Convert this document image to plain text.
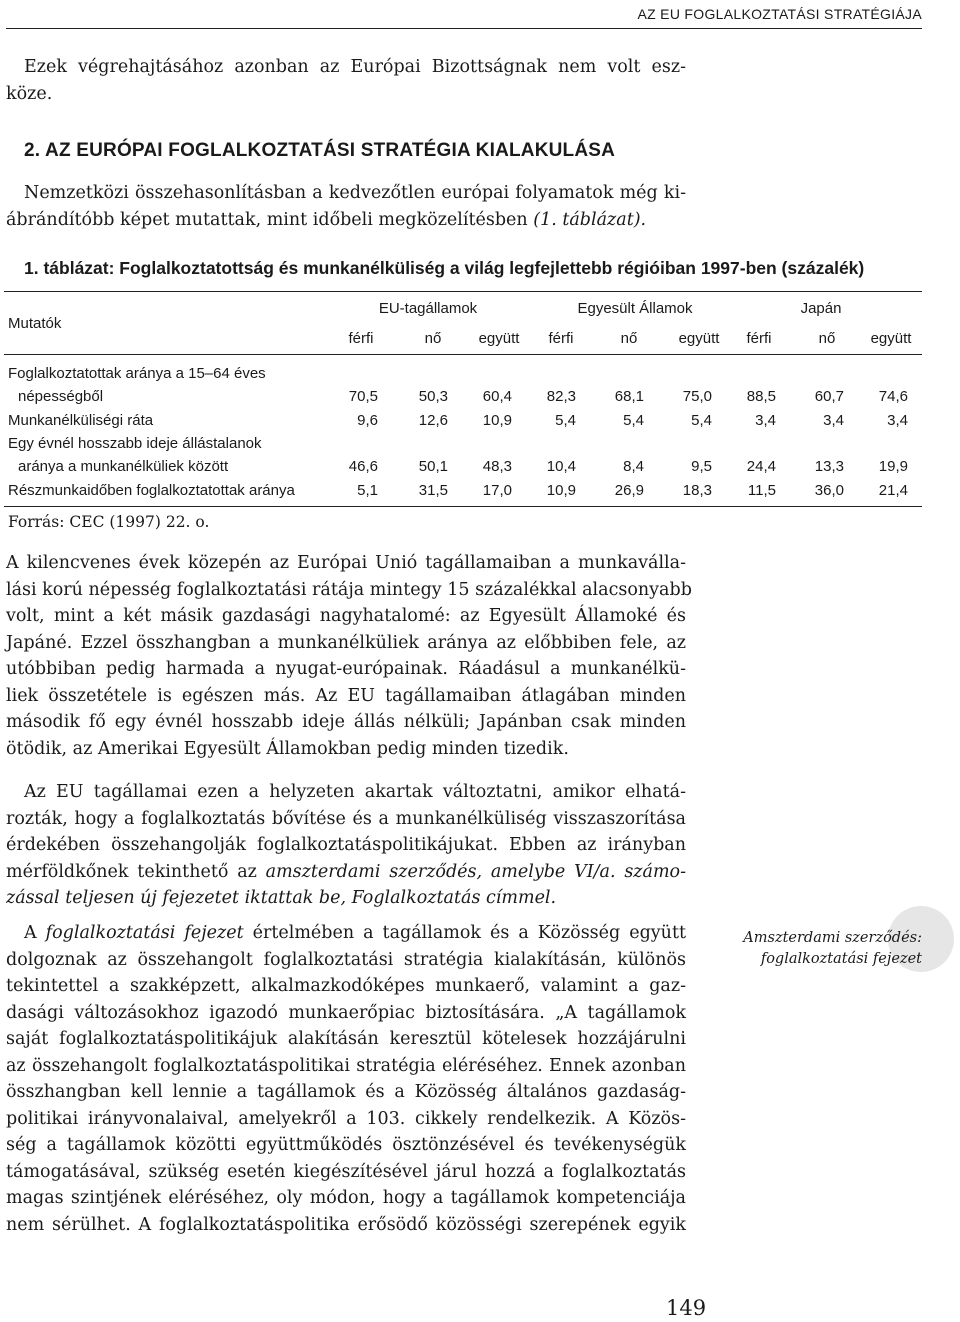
AZ EU FOGLALKOZTATÁSI STRATÉGIÁJA
Ezek végrehajtásához azonban az Európai Bizottságnak nem volt esz-
köze.
2. AZ EURÓPAI FOGLALKOZTATÁSI STRATÉGIA KIALAKULÁSA
Nemzetközi összehasonlításban a kedvezőtlen európai folyamatok még ki-
ábrándítóbb képet mutattak, mint időbeli megközelítésben (1. táblázat).
1. táblázat: Foglalkoztatottság és munkanélküliség a világ legfejlettebb régióiban 1997-ben (százalék)
Mutatók
EU-tagállamok	Egyesült Államok	Japán
férfi	nő	együtt	férfi	nő	együtt	férfi	nő	együtt
Foglalkoztatottak aránya a 15–64 éves
népességből	70,5	50,3	60,4	82,3	68,1	75,0	88,5	60,7	74,6
Munkanélküliségi ráta	9,6	12,6	10,9	5,4	5,4	5,4	3,4	3,4	3,4
Egy évnél hosszabb ideje állástalanok
aránya a munkanélküliek között	46,6	50,1	48,3	10,4	8,4	9,5	24,4	13,3	19,9
Részmunkaidőben foglalkoztatottak aránya	5,1	31,5	17,0	10,9	26,9	18,3	11,5	36,0	21,4
Forrás: CEC (1997) 22. o.
A kilencvenes évek közepén az Európai Unió tagállamaiban a munkaválla-
lási korú népesség foglalkoztatási rátája mintegy 15 százalékkal alacsonyabb
volt, mint a két másik gazdasági nagyhatalomé: az Egyesült Államoké és
Japáné. Ezzel összhangban a munkanélküliek aránya az előbbiben fele, az
utóbbiban pedig harmada a nyugat-európainak. Ráadásul a munkanélkü-
liek összetétele is egészen más. Az EU tagállamaiban átlagában minden
második fő egy évnél hosszabb ideje állás nélküli; Japánban csak minden
ötödik, az Amerikai Egyesült Államokban pedig minden tizedik.
Az EU tagállamai ezen a helyzeten akartak változtatni, amikor elhatá-
rozták, hogy a foglalkoztatás bővítése és a munkanélküliség visszaszorítása
érdekében összehangolják foglalkoztatáspolitikájukat. Ebben az irányban
mérföldkőnek tekinthető az amszterdami szerződés, amelybe VI/a. számo-
zással teljesen új fejezetet iktattak be, Foglalkoztatás címmel.
A foglalkoztatási fejezet értelmében a tagállamok és a Közösség együtt
dolgoznak az összehangolt foglalkoztatási stratégia kialakításán, különös
tekintettel a szakképzett, alkalmazkodóképes munkaerő, valamint a gaz-
dasági változásokhoz igazodó munkaerőpiac biztosítására. „A tagállamok
saját foglalkoztatáspolitikájuk alakításán keresztül kötelesek hozzájárulni
az összehangolt foglalkoztatáspolitikai stratégia eléréséhez. Ennek azonban
összhangban kell lennie a tagállamok és a Közösség általános gazdaság-
politikai irányvonalaival, amelyekről a 103. cikkely rendelkezik. A Közös-
ség a tagállamok közötti együttműködés ösztönzésével és tevékenységük
támogatásával, szükség esetén kiegészítésével járul hozzá a foglalkoztatás
magas szintjének eléréséhez, oly módon, hogy a tagállamok kompetenciája
nem sérülhet. A foglalkoztatáspolitika erősödő közösségi szerepének egyik
Amszterdami szerződés:
foglalkoztatási fejezet
149
